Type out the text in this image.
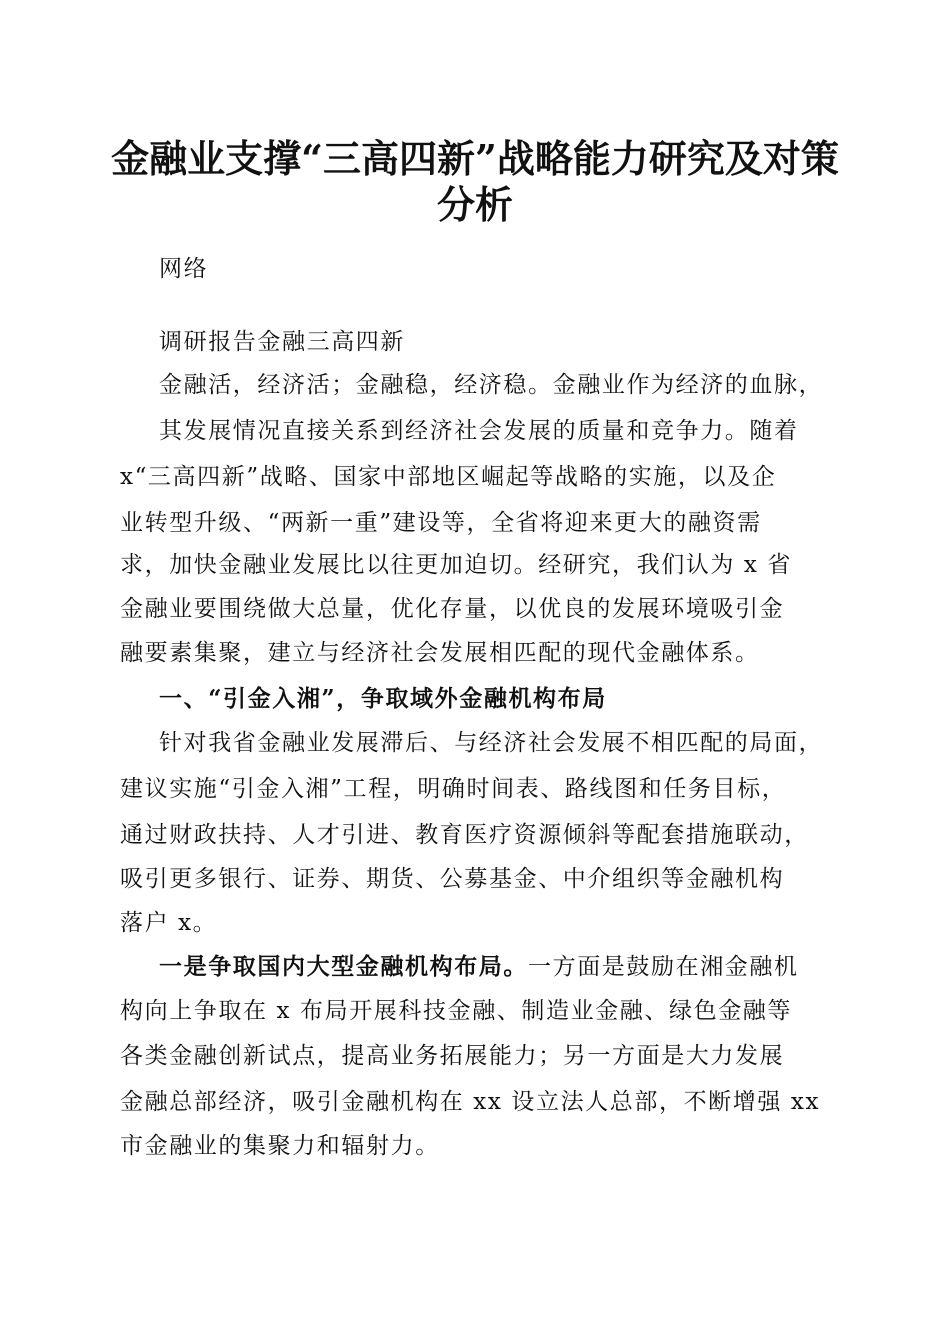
金融业支撑“三高四新”战略能力研究及对策
分析
网络
调研报告金融三高四新
金融活，经济活；金融稳，经济稳。金融业作为经济的血脉，
其发展情况直接关系到经济社会发展的质量和竞争力。随着
x“三高四新”战略、国家中部地区崛起等战略的实施，以及企
业转型升级、“两新一重”建设等，全省将迎来更大的融资需
求，加快金融业发展比以往更加迫切。经研究，我们认为 x 省
金融业要围绕做大总量，优化存量，以优良的发展环境吸引金
融要素集聚，建立与经济社会发展相匹配的现代金融体系。
一、“引金入湘”，争取域外金融机构布局
针对我省金融业发展滞后、与经济社会发展不相匹配的局面，
建议实施“引金入湘”工程，明确时间表、路线图和任务目标，
通过财政扶持、人才引进、教育医疗资源倾斜等配套措施联动，
吸引更多银行、证券、期货、公募基金、中介组织等金融机构
落户 x。
一是争取国内大型金融机构布局。一方面是鼓励在湘金融机
构向上争取在 x 布局开展科技金融、制造业金融、绿色金融等
各类金融创新试点，提高业务拓展能力；另一方面是大力发展
金融总部经济，吸引金融机构在 xx 设立法人总部，不断增强 xx
市金融业的集聚力和辐射力。
